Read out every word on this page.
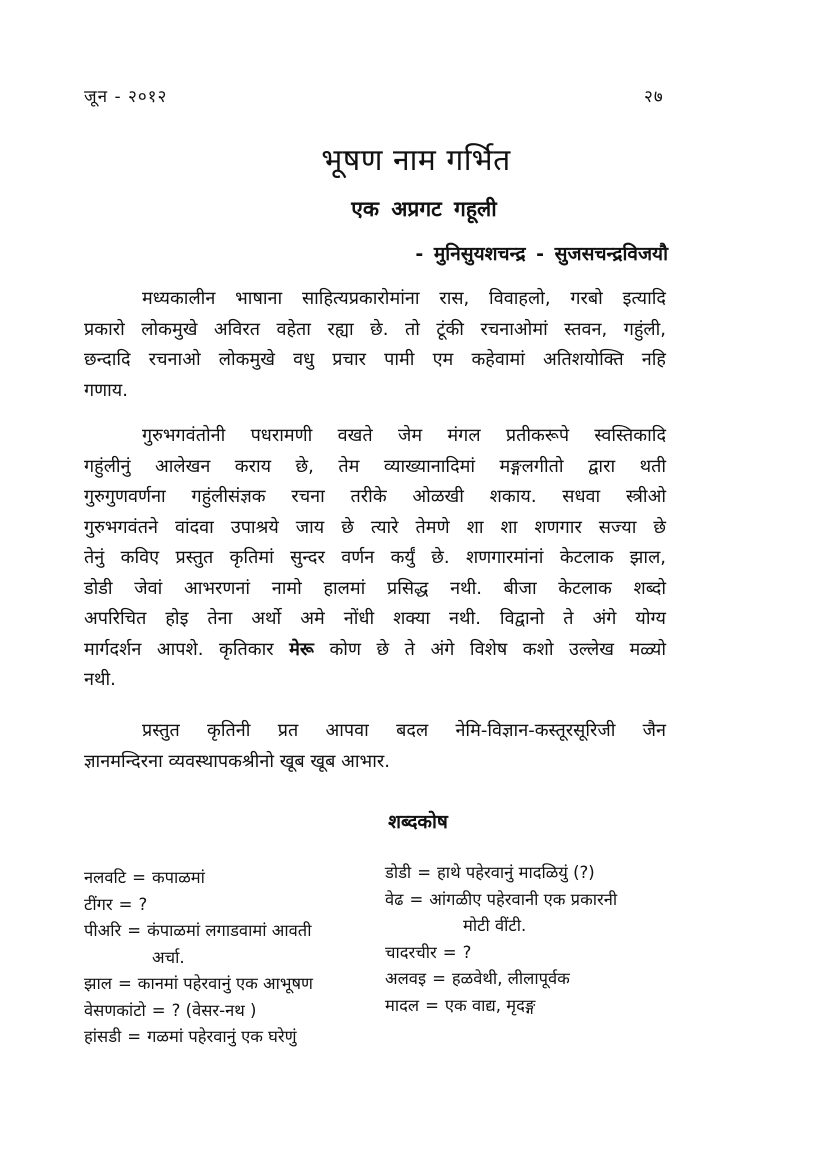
जून - २०१२	२७
भूषण नाम गर्भित
एक अप्रगट गहूली
- मुनिसुयशचन्द्र - सुजसचन्द्रविजयौ
मध्यकालीन भाषाना साहित्यप्रकारोमांना रास, विवाहलो, गरबो इत्यादि
प्रकारो लोकमुखे अविरत वहेता रह्या छे. तो टूंकी रचनाओमां स्तवन, गहुंली,
छन्दादि रचनाओ लोकमुखे वधु प्रचार पामी एम कहेवामां अतिशयोक्ति नहि
गणाय.
गुरुभगवंतोनी पधरामणी वखते जेम मंगल प्रतीकरूपे स्वस्तिकादि
गहुंलीनुं आलेखन कराय छे, तेम व्याख्यानादिमां मङ्गलगीतो द्वारा थती
गुरुगुणवर्णना गहुंलीसंज्ञक रचना तरीके ओळखी शकाय. सधवा स्त्रीओ
गुरुभगवंतने वांदवा उपाश्रये जाय छे त्यारे तेमणे शा शा शणगार सज्या छे
तेनुं कविए प्रस्तुत कृतिमां सुन्दर वर्णन कर्युं छे. शणगारमांनां केटलाक झाल,
डोडी जेवां आभरणनां नामो हालमां प्रसिद्ध नथी. बीजा केटलाक शब्दो
अपरिचित होइ तेना अर्थो अमे नोंधी शक्या नथी. विद्वानो ते अंगे योग्य
मार्गदर्शन आपशे. कृतिकार मेरू कोण छे ते अंगे विशेष कशो उल्लेख मळ्यो
नथी.
प्रस्तुत कृतिनी प्रत आपवा बदल नेमि-विज्ञान-कस्तूरसूरिजी जैन
ज्ञानमन्दिरना व्यवस्थापकश्रीनो खूब खूब आभार.
शब्दकोष
नलवटि = कपाळमां
टींगर = ?
पीअरि = कंपाळमां लगाडवामां आवती
अर्चा.
झाल = कानमां पहेरवानुं एक आभूषण
वेसणकांटो = ? (वेसर-नथ )
हांसडी = गळमां पहेरवानुं एक घरेणुं
डोडी = हाथे पहेरवानुं मादळियुं (?)
वेढ = आंगळीए पहेरवानी एक प्रकारनी
मोटी वींटी.
चादरचीर = ?
अलवइ = हळवेथी, लीलापूर्वक
मादल = एक वाद्य, मृदङ्ग
